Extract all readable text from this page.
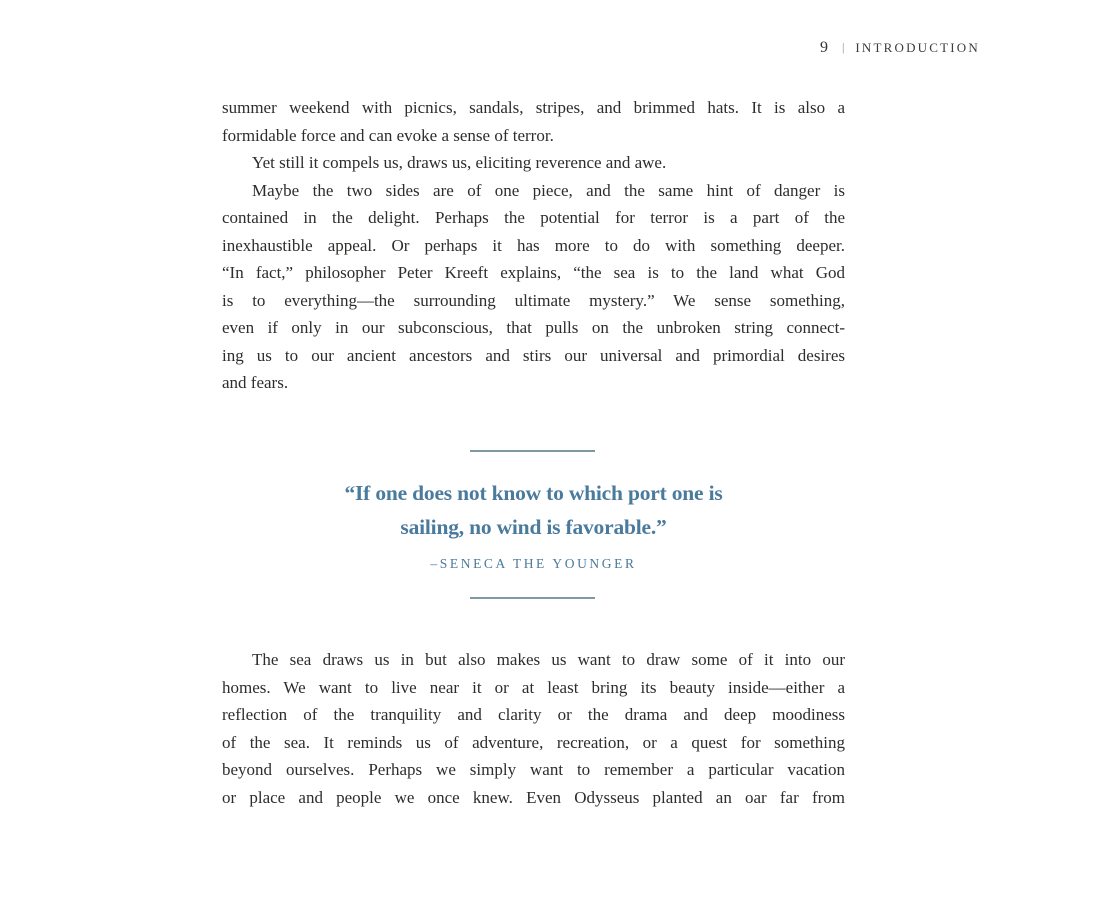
9 | INTRODUCTION
summer weekend with picnics, sandals, stripes, and brimmed hats. It is also a
formidable force and can evoke a sense of terror.
Yet still it compels us, draws us, eliciting reverence and awe.
Maybe the two sides are of one piece, and the same hint of danger is
contained in the delight. Perhaps the potential for terror is a part of the
inexhaustible appeal. Or perhaps it has more to do with something deeper.
“In fact,” philosopher Peter Kreeft explains, “the sea is to the land what God
is to everything—the surrounding ultimate mystery.” We sense something,
even if only in our subconscious, that pulls on the unbroken string connect-
ing us to our ancient ancestors and stirs our universal and primordial desires
and fears.
“If one does not know to which port one is
sailing, no wind is favorable.”
–SENECA THE YOUNGER
The sea draws us in but also makes us want to draw some of it into our
homes. We want to live near it or at least bring its beauty inside—either a
reflection of the tranquility and clarity or the drama and deep moodiness
of the sea. It reminds us of adventure, recreation, or a quest for something
beyond ourselves. Perhaps we simply want to remember a particular vacation
or place and people we once knew. Even Odysseus planted an oar far from
